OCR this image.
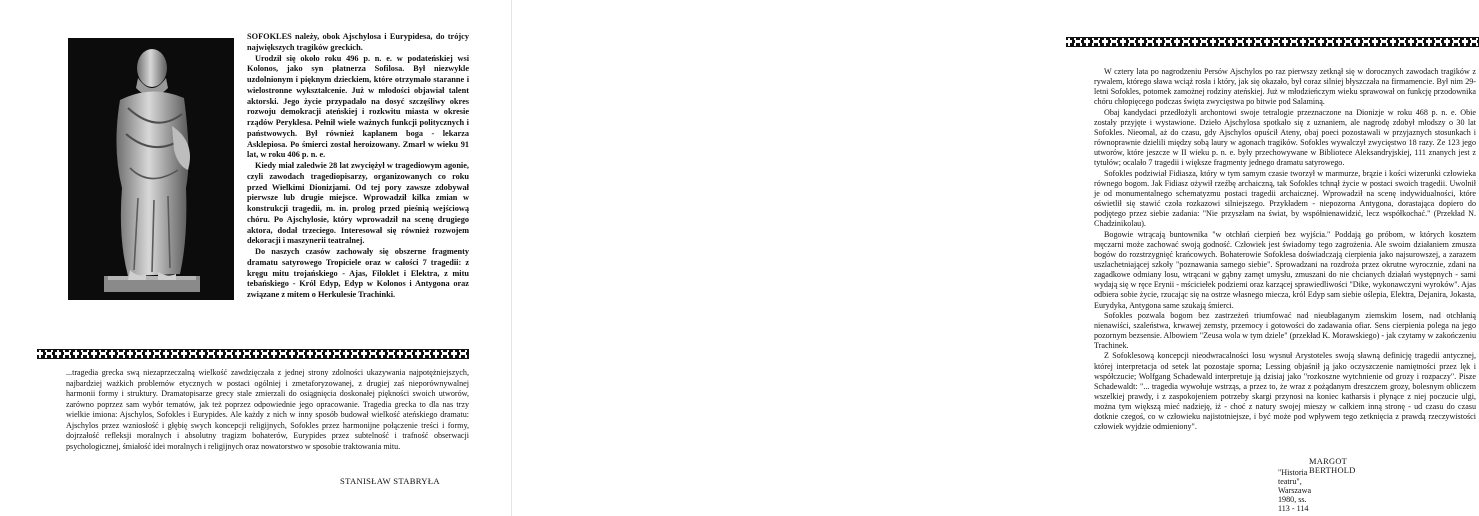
SOFOKLES należy, obok Ajschylosa i Eurypidesa, do trójcy największych tragików greckich.

Urodził się około roku 496 p. n. e. w podateńskiej wsi Kolonos, jako syn płatnerza Sofilosa. Był niezwykle uzdolnionym i pięknym dzieckiem, które otrzymało staranne i wielostronne wykształcenie. Już w młodości objawiał talent aktorski. Jego życie przypadało na dosyć szczęśliwy okres rozwoju demokracji ateńskiej i rozkwitu miasta w okresie rządów Peryklesa. Pełnił wiele ważnych funkcji politycznych i państwowych. Był również kapłanem boga - lekarza Asklepiosa. Po śmierci został heroizowany. Zmarł w wieku 91 lat, w roku 406 p. n. e.

Kiedy miał zaledwie 28 lat zwyciężył w tragediowym agonie, czyli zawodach tragediopisarzy, organizowanych co roku przed Wielkimi Dionizjami. Od tej pory zawsze zdobywał pierwsze lub drugie miejsce. Wprowadził kilka zmian w konstrukcji tragedii, m. in. prolog przed pieśnią wejściową chóru. Po Ajschylosie, który wprowadził na scenę drugiego aktora, dodał trzeciego. Interesował się również rozwojem dekoracji i maszynerii teatralnej.

Do naszych czasów zachowały się obszerne fragmenty dramatu satyrowego Tropiciele oraz w całości 7 tragedii: z kręgu mitu trojańskiego - Ajas, Filoklet i Elektra, z mitu tebańskiego - Król Edyp, Edyp w Kolonos i Antygona oraz związane z mitem o Herkulesie Trachinki.

...tragedia grecka swą niezaprzeczalną wielkość zawdzięczała z jednej strony zdolności ukazywania najpotężniejszych, najbardziej ważkich problemów etycznych w postaci ogólniej i zmetaforyzowanej, z drugiej zaś nieporównywalnej harmonii formy i struktury. Dramatopisarze grecy stale zmierzali do osiągnięcia doskonałej piękności swoich utworów, zarówno poprzez sam wybór tematów, jak też poprzez odpowiednie jego opracowanie. Tragedia grecka to dla nas trzy wielkie imiona: Ajschylos, Sofokles i Eurypides. Ale każdy z nich w inny sposób budował wielkość ateńskiego dramatu: Ajschylos przez wzniosłość i głębię swych koncepcji religijnych, Sofokles przez harmonijne połączenie treści i formy, dojrzałość refleksji moralnych i absolutny tragizm bohaterów, Eurypides przez subtelność i trafność obserwacji psychologicznej, śmiałość idei moralnych i religijnych oraz nowatorstwo w sposobie traktowania mitu.

STANISŁAW STABRYŁA

W cztery lata po nagrodzeniu Persów Ajschylos po raz pierwszy zetknął się w dorocznych zawodach tragików z rywalem, którego sława wciąż rosła i który, jak się okazało, był coraz silniej błyszczała na firmamencie. Był nim 29-letni Sofokles, potomek zamożnej rodziny ateńskiej. Już w młodzieńczym wieku sprawował on funkcję przodownika chóru chłopięcego podczas święta zwycięstwa po bitwie pod Salaminą.

Obaj kandydaci przedłożyli archontowi swoje tetralogie przeznaczone na Dionizje w roku 468 p. n. e. Obie zostały przyjęte i wystawione. Dzieło Ajschylosa spotkało się z uznaniem, ale nagrodę zdobył młodszy o 30 lat Sofokles. Nieomal, aż do czasu, gdy Ajschylos opuścił Ateny, obaj poeci pozostawali w przyjaznych stosunkach i równoprawnie dzielili między sobą laury w agonach tragików. Sofokles wywalczył zwycięstwo 18 razy. Ze 123 jego utworów, które jeszcze w II wieku p. n. e. były przechowywane w Bibliotece Aleksandryjskiej, 111 znanych jest z tytułów; ocalało 7 tragedii i większe fragmenty jednego dramatu satyrowego.

Sofokles podziwiał Fidiasza, który w tym samym czasie tworzył w marmurze, brązie i kości wizerunki człowieka równego bogom. Jak Fidiasz ożywił rzeźbę archaiczną, tak Sofokles tchnął życie w postaci swoich tragedii. Uwolnił je od monumentalnego schematyzmu postaci tragedii archaicznej. Wprowadził na scenę indywidualności, które oświetlił się stawić czoła rozkazowi silniejszego. Przykładem - niepozorna Antygona, dorastająca dopiero do podjętego przez siebie zadania: "Nie przyszłam na świat, by współnienawidzić, lecz współkochać." (Przekład N. Chadzinikolau).

Bogowie wtrącają buntownika "w otchłań cierpień bez wyjścia." Poddają go próbom, w których kosztem męczarni może zachować swoją godność. Człowiek jest świadomy tego zagrożenia. Ale swoim działaniem zmusza bogów do rozstrzygnięć krańcowych. Bohaterowie Sofoklesa doświadczają cierpienia jako najsurowszej, a zarazem uszlachetniającej szkoły "poznawania samego siebie". Sprowadzani na rozdroża przez okrutne wyrocznie, zdani na zagadkowe odmiany losu, wtrącani w gąbny zamęt umysłu, zmuszani do nie chcianych działań występnych - sami wydają się w ręce Erynii - mściciełek podziemi oraz karzącej sprawiedliwości "Dike, wykonawczyni wyroków". Ajas odbiera sobie życie, rzucając się na ostrze własnego miecza, król Edyp sam siebie oślepia, Elektra, Dejanira, Jokasta, Eurydyka, Antygona same szukają śmierci.

Sofokles pozwala bogom bez zastrzeżeń triumfować nad nieubłaganym ziemskim losem, nad otchłanią nienawiści, szaleństwa, krwawej zemsty, przemocy i gotowości do zadawania ofiar. Sens cierpienia polega na jego pozornym bezsensie. Albowiem "Zeusa wola w tym dziele" (przekład K. Morawskiego) - jak czytamy w zakończeniu Trachinek.

Z Sofoklesową koncepcji nieodwracalności losu wysnuł Arystoteles swoją sławną definicję tragedii antycznej, której interpretacja od setek lat pozostaje sporna; Lessing objaśnił ją jako oczyszczenie namiętności przez lęk i współczucie; Wolfgang Schadewald interpretuje ją dzisiaj jako "rozkoszne wytchnienie od grozy i rozpaczy". Pisze Schadewaldt: "... tragedia wywołuje wstrząs, a przez to, że wraz z pożądanym dreszczem grozy, bolesnym obliczem wszelkiej prawdy, i z zaspokojeniem potrzeby skargi przynosi na koniec katharsis i płynące z niej poczucie ulgi, można tym większą mieć nadzieję, iż - choć z natury swojej mieszy w całkiem inną stronę - ud czasu do czasu dotknie czegoś, co w człowieku najistotniejsze, i być może pod wpływem tego zetknięcia z prawdą rzeczywistości człowiek wyjdzie odmieniony".

MARGOT BERTHOLD
"Historia teatru", Warszawa 1980, ss. 113 - 114
